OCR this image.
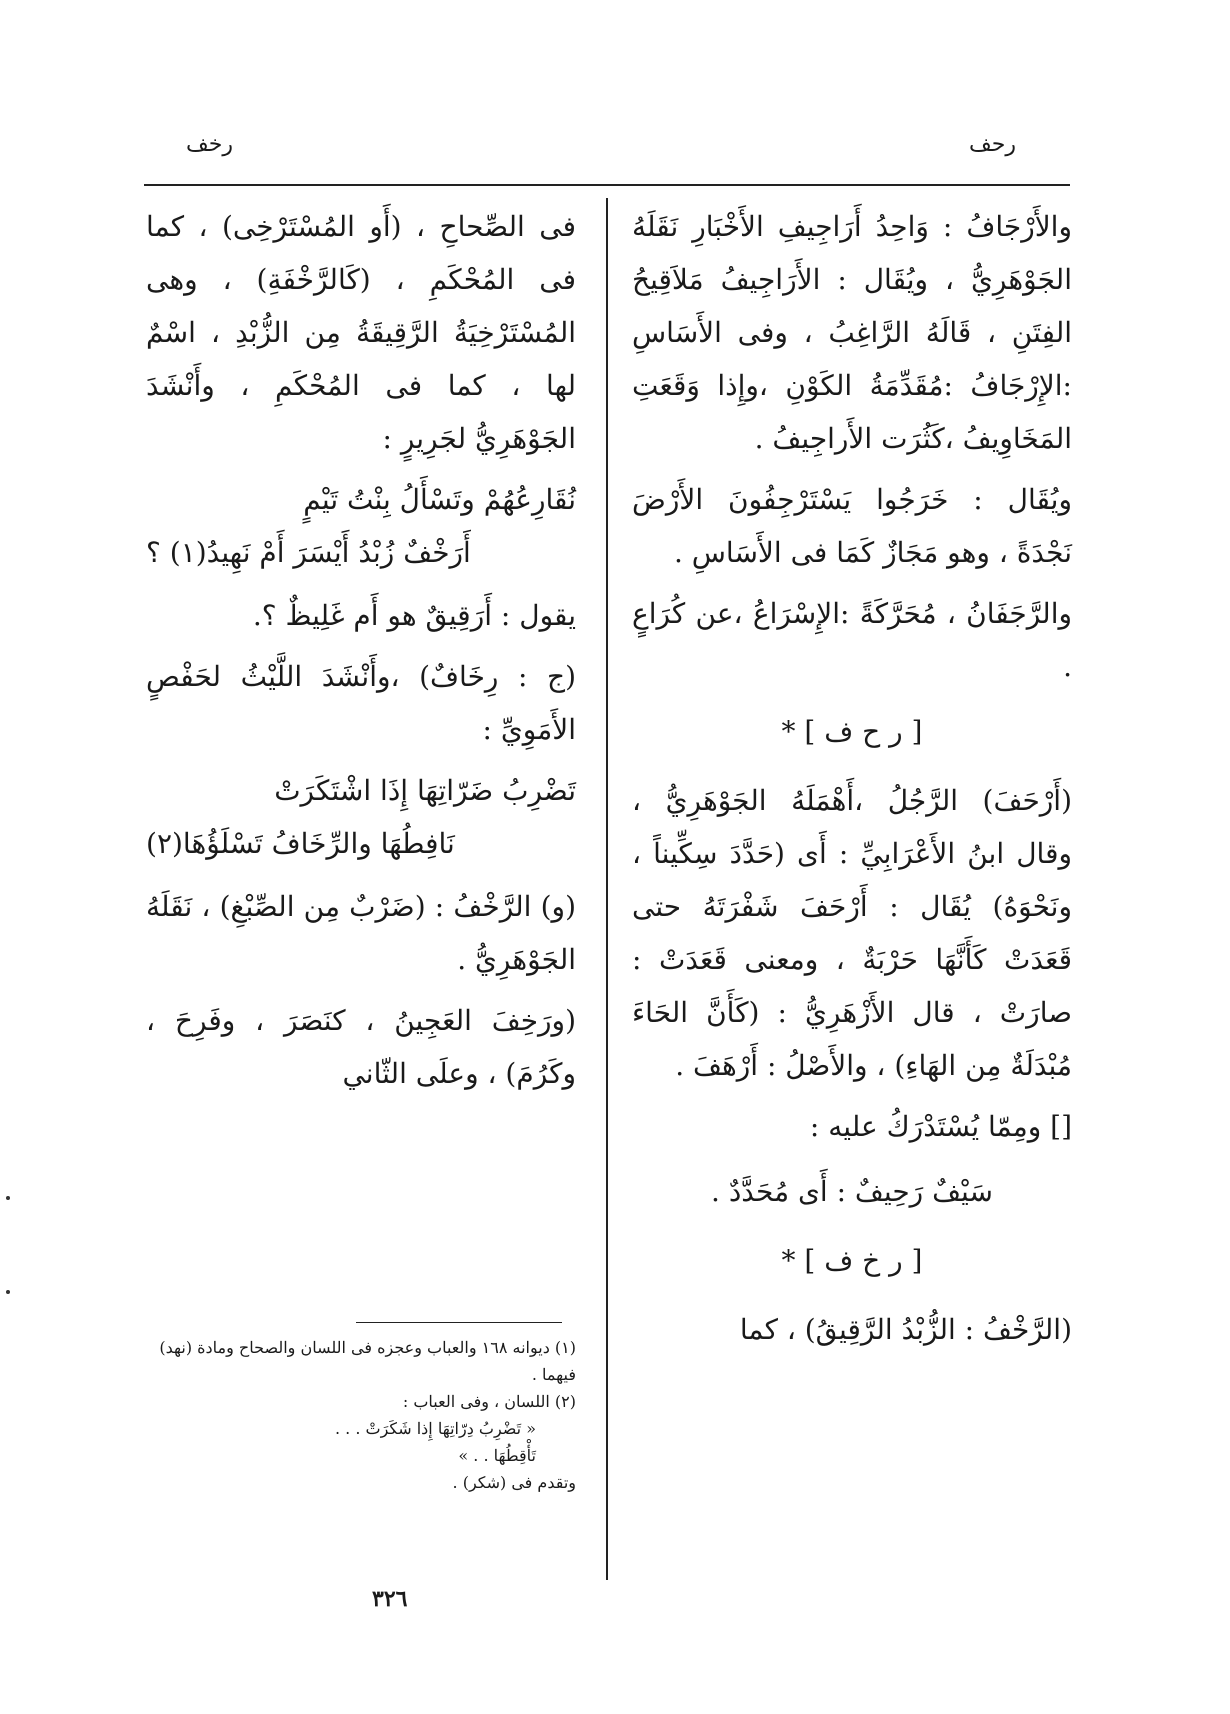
رحف
رخف

والأَرْجَافُ : وَاحِدُ أَرَاجِيفِ الأَخْبَارِ نَقَلَهُ الجَوْهَرِيُّ ، ويُقَال : الأَرَاجِيفُ مَلاَقِيحُ الفِتَنِ ، قَالَهُ الرَّاغِبُ ، وفى الأَسَاسِ :الإِرْجَافُ :مُقَدِّمَةُ الكَوْنِ ،وإِذا وَقَعَتِ المَخَاوِيفُ ،كَثُرَت الأَراجِيفُ .

ويُقَال : خَرَجُوا يَسْتَرْجِفُونَ الأَرْضَ نَجْدَةً ، وهو مَجَازٌ كَمَا فى الأَسَاسِ .

والرَّجَفَانُ ، مُحَرَّكَةً :الإِسْرَاعُ ،عن كُرَاعٍ .

[ ر ح ف ] *

(أَرْحَفَ) الرَّجُلُ ،أَهْمَلَهُ الجَوْهَرِيُّ ، وقال ابنُ الأَعْرَابِيِّ : أَى (حَدَّدَ سِكِّيناً ، ونَحْوَهُ) يُقَال : أَرْحَفَ شَفْرَتَهُ حتى قَعَدَتْ كَأَنَّهَا حَرْبَةٌ ، ومعنى قَعَدَتْ : صارَتْ ، قال الأَزْهَرِيُّ : (كَأَنَّ الحَاءَ مُبْدَلَةٌ مِن الهَاءِ) ، والأَصْلُ : أَرْهَفَ .

[] ومِمّا يُسْتَدْرَكُ عليه :

سَيْفٌ رَحِيفٌ : أَى مُحَدَّدٌ .

[ ر خ ف ] *

(الرَّخْفُ : الزُّبْدُ الرَّقِيقُ) ، كما

فى الصِّحاحِ ، (أَو المُسْتَرْخِى) ، كما فى المُحْكَمِ ، (كَالرَّخْفَةِ) ، وهى المُسْتَرْخِيَةُ الرَّقِيقَةُ مِن الزُّبْدِ ، اسْمٌ لها ، كما فى المُحْكَمِ ، وأَنْشَدَ الجَوْهَرِيُّ لجَرِيرٍ :

نُقَارِعُهُمْ وتَسْأَلُ بِنْتُ تَيْمٍ
أَرَخْفٌ زُبْدُ أَيْسَرَ أَمْ نَهِيدُ(١) ؟

يقول : أَرَقِيقٌ هو أَم غَلِيظٌ ؟.

(ج : رِخَافٌ) ،وأَنْشَدَ اللَّيْثُ لحَفْصٍ الأَمَوِيِّ :

تَضْرِبُ ضَرّاتِهَا إِذَا اشْتَكَرَتْ
نَافِطُهَا والرِّخَافُ تَسْلَؤُهَا(٢)

(و) الرَّخْفُ : (ضَرْبٌ مِن الصِّبْغِ) ، نَقَلَهُ الجَوْهَرِيُّ .

(ورَخِفَ العَجِينُ ، كنَصَرَ ، وفَرِحَ ، وكَرُمَ) ، وعلَى الثّاني

(١) ديوانه ١٦٨ والعباب وعجزه فى اللسان والصحاح ومادة (نهد) فيهما .
(٢) اللسان ، وفى العباب :
« تَضْرِبُ دِرّاتِهَا إِذا شَكَرَتْ . . .
تَأْقِطُهَا . . »
وتقدم فى (شكر) .
٣٢٦
